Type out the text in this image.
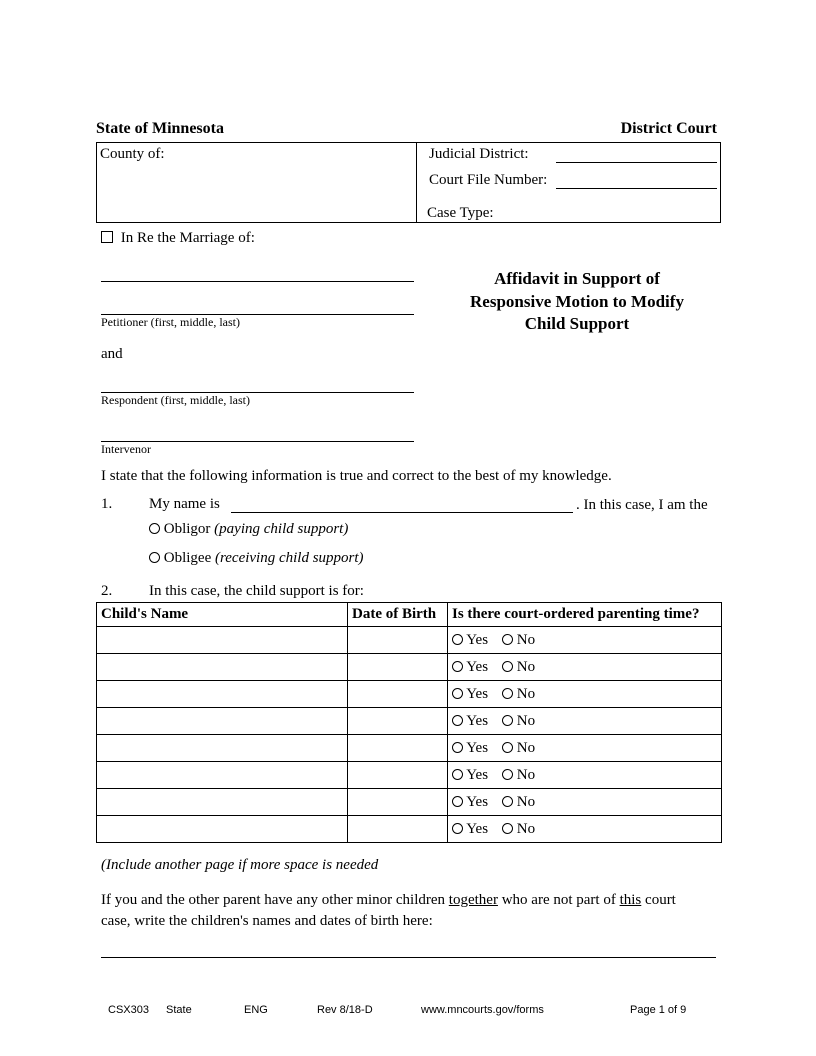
State of Minnesota	District Court
County of:	Judicial District:
Court File Number:
Case Type:
In Re the Marriage of:
Petitioner (first, middle, last)
and
Respondent (first, middle, last)
Intervenor
Affidavit in Support of
Responsive Motion to Modify
Child Support
I state that the following information is true and correct to the best of my knowledge.
1. My name is	. In this case, I am the
Obligor (paying child support)
Obligee (receiving child support)
2. In this case, the child support is for:
Child's Name	Date of Birth	Is there court-ordered parenting time?
		Yes No
		Yes No
		Yes No
		Yes No
		Yes No
		Yes No
		Yes No
		Yes No
(Include another page if more space is needed
If you and the other parent have any other minor children together who are not part of this court
case, write the children's names and dates of birth here:
CSX303 State	ENG	Rev 8/18-D	www.mncourts.gov/forms	Page 1 of 9
